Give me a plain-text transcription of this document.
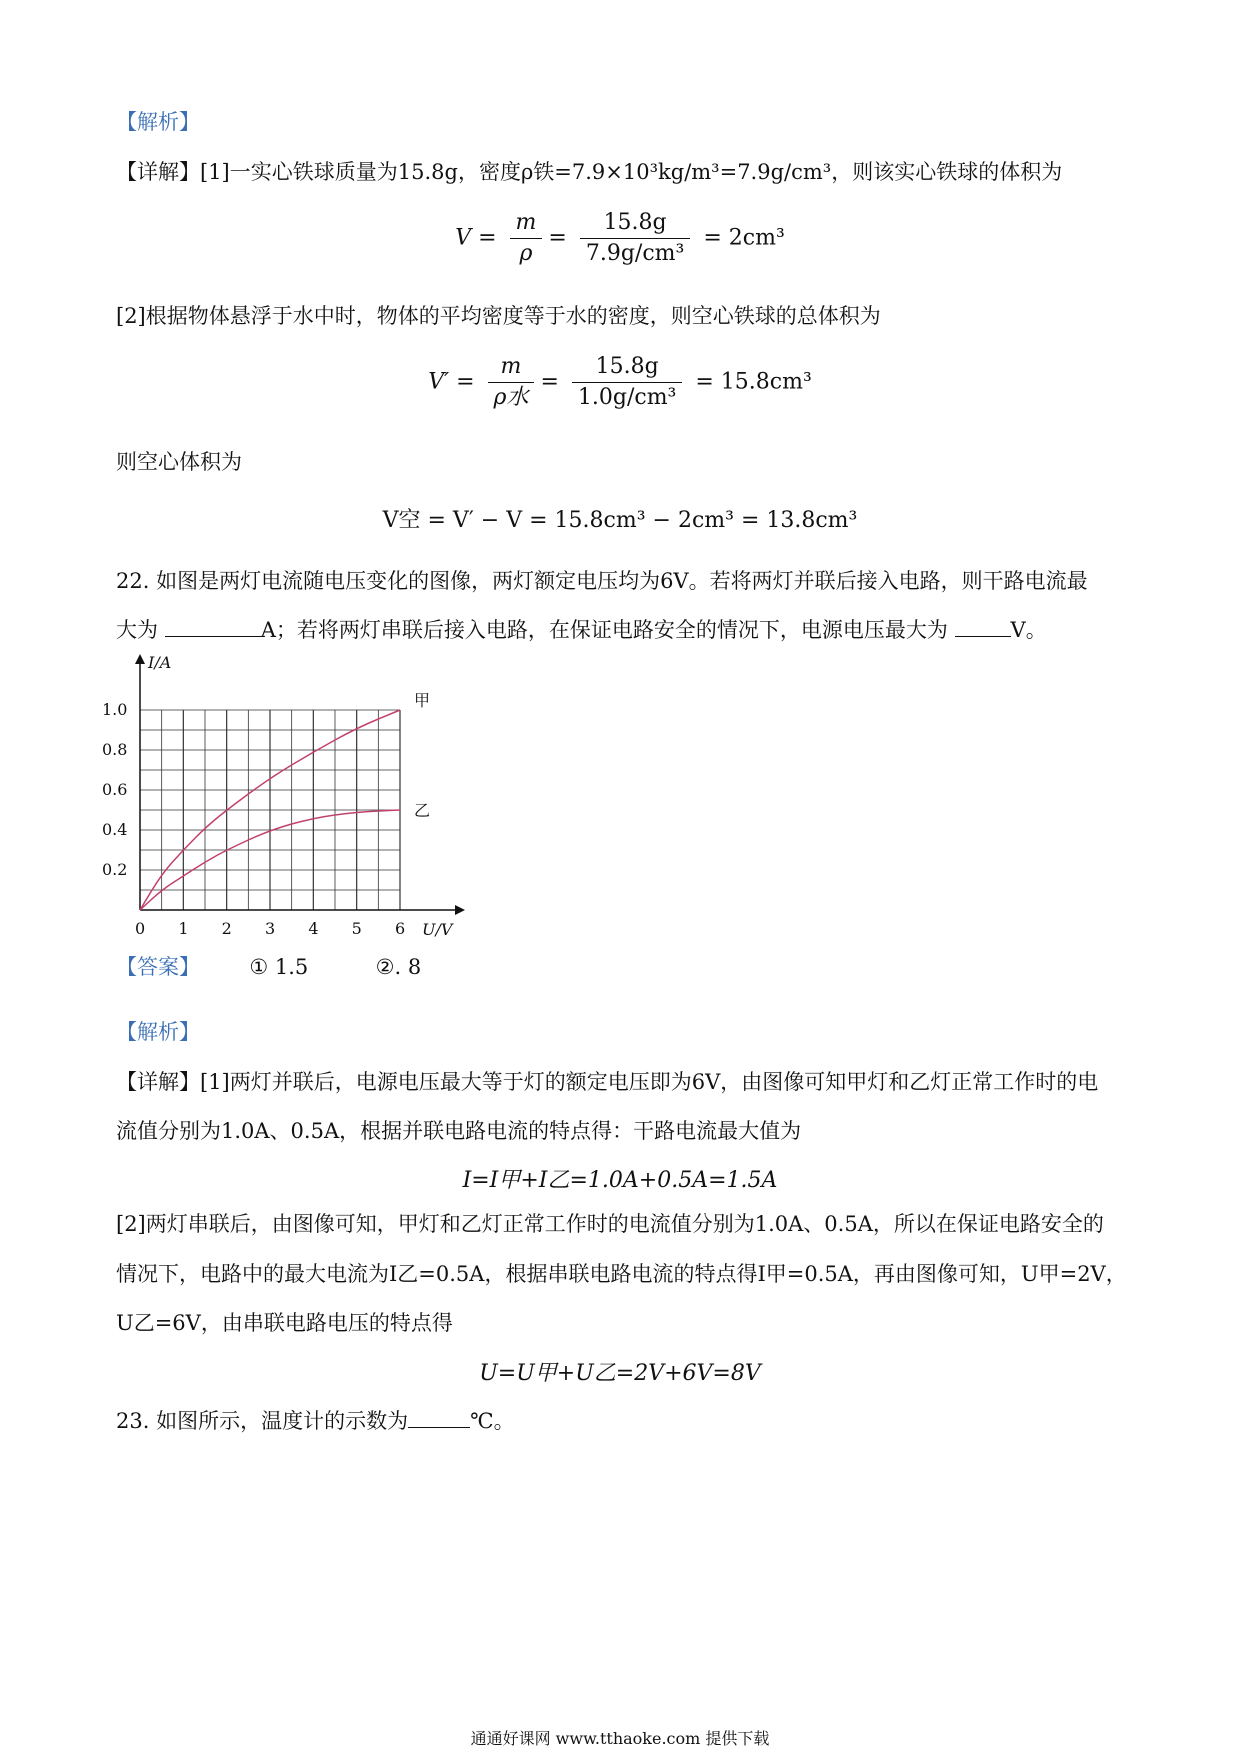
【解析】
【详解】[1]一实心铁球质量为15.8g，密度ρ铁=7.9×10³kg/m³=7.9g/cm³，则该实心铁球的体积为
$V = \frac{m}{\rho} = \frac{15.8g}{\text{7.9g/cm³}} = 2cm^3$
[2]根据物体悬浮于水中时，物体的平均密度等于水的密度，则空心铁球的总体积为
$V' = \frac{m}{\text{ρ水}} = \frac{15.8g}{\text{1.0g/cm³}} = 15.8cm^3$
则空心体积为
V空 = V′ − V = 15.8cm³ − 2cm³ = 13.8cm³
22. 如图是两灯电流随电压变化的图像，两灯额定电压均为6V。若将两灯并联后接入电路，则干路电流最
大为	A；若将两灯串联后接入电路，在保证电路安全的情况下，电源电压最大为	V。
0 1 2 3 4 5 6
0.2
0.4
0.6
0.8
1.0	甲
乙
I/A
U/V
【答案】 ① 1.5	②. 8
【解析】
【详解】[1]两灯并联后，电源电压最大等于灯的额定电压即为6V，由图像可知甲灯和乙灯正常工作时的电
流值分别为1.0A、0.5A，根据并联电路电流的特点得：干路电流最大值为
I=I甲+I乙=1.0A+0.5A=1.5A
[2]两灯串联后，由图像可知，甲灯和乙灯正常工作时的电流值分别为1.0A、0.5A，所以在保证电路安全的
情况下，电路中的最大电流为I乙=0.5A，根据串联电路电流的特点得I甲=0.5A，再由图像可知，U甲=2V，
U乙=6V，由串联电路电压的特点得
U=U甲+U乙=2V+6V=8V
23. 如图所示，温度计的示数为	℃。
通通好课网 www.tthaoke.com 提供下载
